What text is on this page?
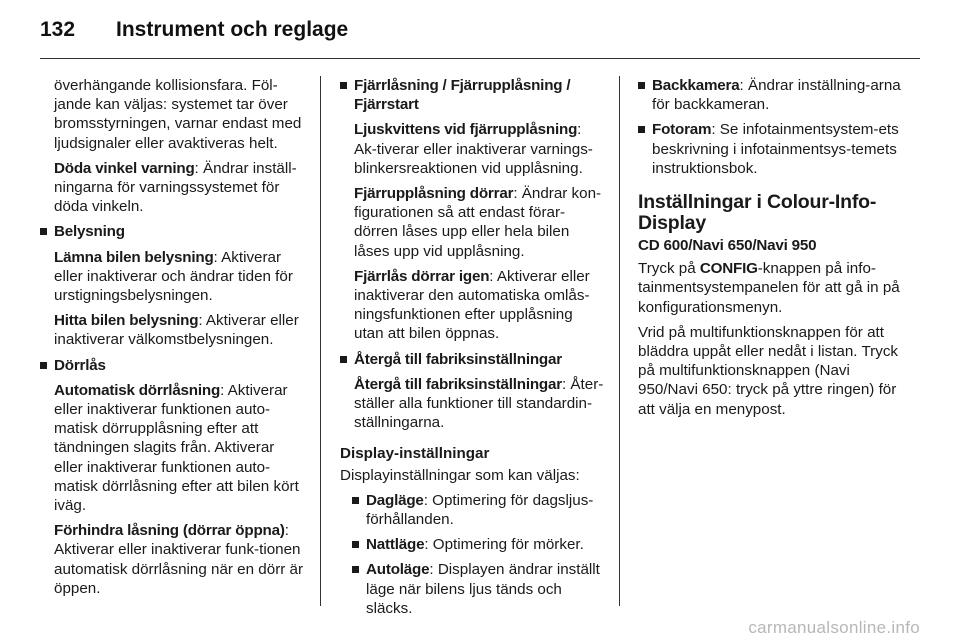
132	Instrument och reglage

överhängande kollisionsfara. Föl-jande kan väljas: systemet tar över bromsstyrningen, varnar endast med ljudsignaler eller avaktiveras helt.

Döda vinkel varning: Ändrar inställ-ningarna för varningssystemet för döda vinkeln.

Belysning

Lämna bilen belysning: Aktiverar eller inaktiverar och ändrar tiden för urstigningsbelysningen.

Hitta bilen belysning: Aktiverar eller inaktiverar välkomstbelysningen.

Dörrlås

Automatisk dörrlåsning: Aktiverar eller inaktiverar funktionen auto-matisk dörrupplåsning efter att tändningen slagits från. Aktiverar eller inaktiverar funktionen auto-matisk dörrlåsning efter att bilen kört iväg.

Förhindra låsning (dörrar öppna): Aktiverar eller inaktiverar funk-tionen automatisk dörrlåsning när en dörr är öppen.

Fjärrlåsning / Fjärrupplåsning / Fjärrstart

Ljuskvittens vid fjärrupplåsning: Ak-tiverar eller inaktiverar varnings-blinkersreaktionen vid upplåsning.

Fjärrupplåsning dörrar: Ändrar kon-figurationen så att endast förar-dörren låses upp eller hela bilen låses upp vid upplåsning.

Fjärrlås dörrar igen: Aktiverar eller inaktiverar den automatiska omlås-ningsfunktionen efter upplåsning utan att bilen öppnas.

Återgå till fabriksinställningar

Återgå till fabriksinställningar: Åter-ställer alla funktioner till standardin-ställningarna.

Display-inställningar

Displayinställningar som kan väljas:

Dagläge: Optimering för dagsljus-förhållanden.
Nattläge: Optimering för mörker.
Autoläge: Displayen ändrar inställt läge när bilens ljus tänds och släcks.
Backkamera: Ändrar inställning-arna för backkameran.
Fotoram: Se infotainmentsystem-ets beskrivning i infotainmentsys-temets instruktionsbok.

Inställningar i Colour-Info-Display

CD 600/Navi 650/Navi 950

Tryck på CONFIG-knappen på info-tainmentsystempanelen för att gå in på konfigurationsmenyn.

Vrid på multifunktionsknappen för att bläddra uppåt eller nedåt i listan. Tryck på multifunktionsknappen (Navi 950/Navi 650: tryck på yttre ringen) för att välja en menypost.

carmanualsonline.info
